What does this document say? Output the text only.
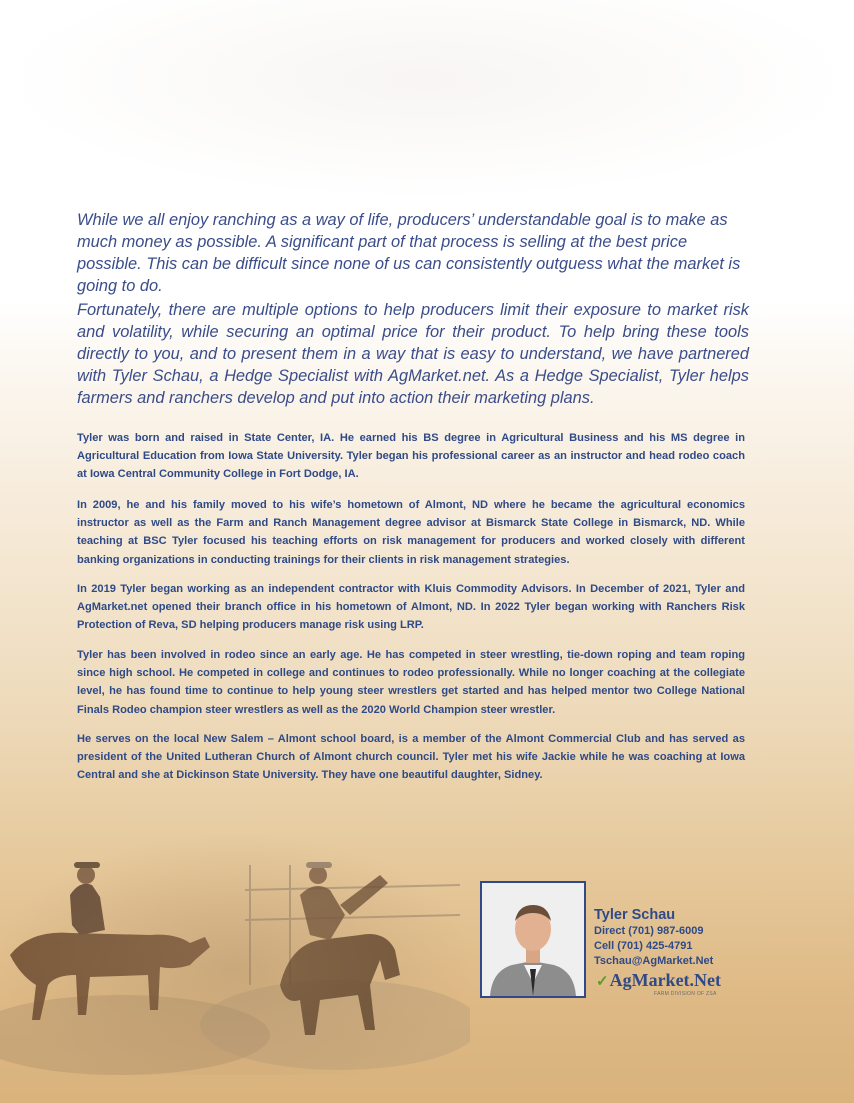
While we all enjoy ranching as a way of life, producers’ understandable goal is to make as much money as possible. A significant part of that process is selling at the best price possible. This can be difficult since none of us can consistently outguess what the market is going to do.

Fortunately, there are multiple options to help producers limit their exposure to market risk and volatility, while securing an optimal price for their product. To help bring these tools directly to you, and to present them in a way that is easy to understand, we have partnered with Tyler Schau, a Hedge Specialist with AgMarket.net. As a Hedge Specialist, Tyler helps farmers and ranchers develop and put into action their marketing plans.

Tyler was born and raised in State Center, IA. He earned his BS degree in Agricultural Business and his MS degree in Agricultural Education from Iowa State University. Tyler began his professional career as an instructor and head rodeo coach at Iowa Central Community College in Fort Dodge, IA.

In 2009, he and his family moved to his wife’s hometown of Almont, ND where he became the agricultural economics instructor as well as the Farm and Ranch Management degree advisor at Bismarck State College in Bismarck, ND. While teaching at BSC Tyler focused his teaching efforts on risk management for producers and worked closely with different banking organizations in conducting trainings for their clients in risk management strategies.

In 2019 Tyler began working as an independent contractor with Kluis Commodity Advisors. In December of 2021, Tyler and AgMarket.net opened their branch office in his hometown of Almont, ND. In 2022 Tyler began working with Ranchers Risk Protection of Reva, SD helping producers manage risk using LRP.

Tyler has been involved in rodeo since an early age. He has competed in steer wrestling, tie-down roping and team roping since high school. He competed in college and continues to rodeo professionally. While no longer coaching at the collegiate level, he has found time to continue to help young steer wrestlers get started and has helped mentor two College National Finals Rodeo champion steer wrestlers as well as the 2020 World Champion steer wrestler.

He serves on the local New Salem – Almont school board, is a member of the Almont Commercial Club and has served as president of the United Lutheran Church of Almont church council. Tyler met his wife Jackie while he was coaching at Iowa Central and she at Dickinson State University. They have one beautiful daughter, Sidney.

Tyler Schau
Direct (701) 987-6009
Cell (701) 425-4791
Tschau@AgMarket.Net
✓AgMarket.Net
FARM DIVISION OF ZSA
